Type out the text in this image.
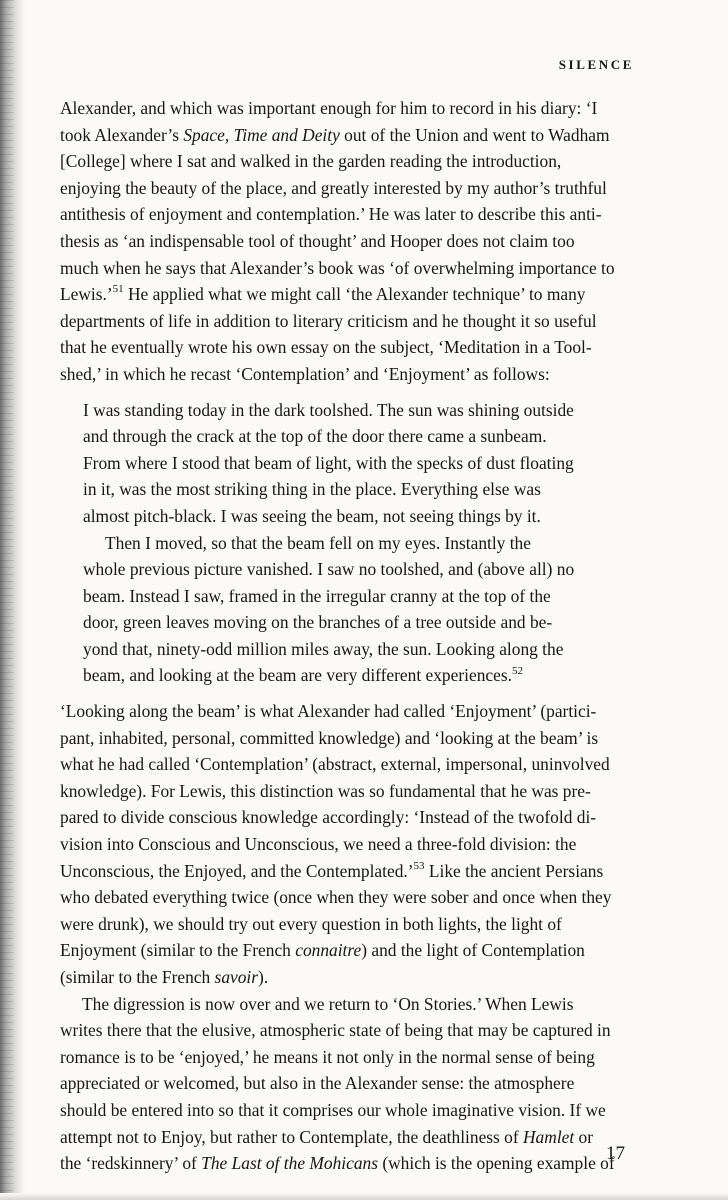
SILENCE
Alexander, and which was important enough for him to record in his diary: ‘I
took Alexander’s Space, Time and Deity out of the Union and went to Wadham
[College] where I sat and walked in the garden reading the introduction,
enjoying the beauty of the place, and greatly interested by my author’s truthful
antithesis of enjoyment and contemplation.’ He was later to describe this anti-
thesis as ‘an indispensable tool of thought’ and Hooper does not claim too
much when he says that Alexander’s book was ‘of overwhelming importance to
Lewis.’$^{51}$ He applied what we might call ‘the Alexander technique’ to many
departments of life in addition to literary criticism and he thought it so useful
that he eventually wrote his own essay on the subject, ‘Meditation in a Tool-
shed,’ in which he recast ‘Contemplation’ and ‘Enjoyment’ as follows:
I was standing today in the dark toolshed. The sun was shining outside
and through the crack at the top of the door there came a sunbeam.
From where I stood that beam of light, with the specks of dust floating
in it, was the most striking thing in the place. Everything else was
almost pitch-black. I was seeing the beam, not seeing things by it.
Then I moved, so that the beam fell on my eyes. Instantly the
whole previous picture vanished. I saw no toolshed, and (above all) no
beam. Instead I saw, framed in the irregular cranny at the top of the
door, green leaves moving on the branches of a tree outside and be-
yond that, ninety-odd million miles away, the sun. Looking along the
beam, and looking at the beam are very different experiences.$^{52}$
‘Looking along the beam’ is what Alexander had called ‘Enjoyment’ (partici-
pant, inhabited, personal, committed knowledge) and ‘looking at the beam’ is
what he had called ‘Contemplation’ (abstract, external, impersonal, uninvolved
knowledge). For Lewis, this distinction was so fundamental that he was pre-
pared to divide conscious knowledge accordingly: ‘Instead of the twofold di-
vision into Conscious and Unconscious, we need a three-fold division: the
Unconscious, the Enjoyed, and the Contemplated.’$^{53}$ Like the ancient Persians
who debated everything twice (once when they were sober and once when they
were drunk), we should try out every question in both lights, the light of
Enjoyment (similar to the French connaitre) and the light of Contemplation
(similar to the French savoir).
The digression is now over and we return to ‘On Stories.’ When Lewis
writes there that the elusive, atmospheric state of being that may be captured in
romance is to be ‘enjoyed,’ he means it not only in the normal sense of being
appreciated or welcomed, but also in the Alexander sense: the atmosphere
should be entered into so that it comprises our whole imaginative vision. If we
attempt not to Enjoy, but rather to Contemplate, the deathliness of Hamlet or
the ‘redskinnery’ of The Last of the Mohicans (which is the opening example of
17
